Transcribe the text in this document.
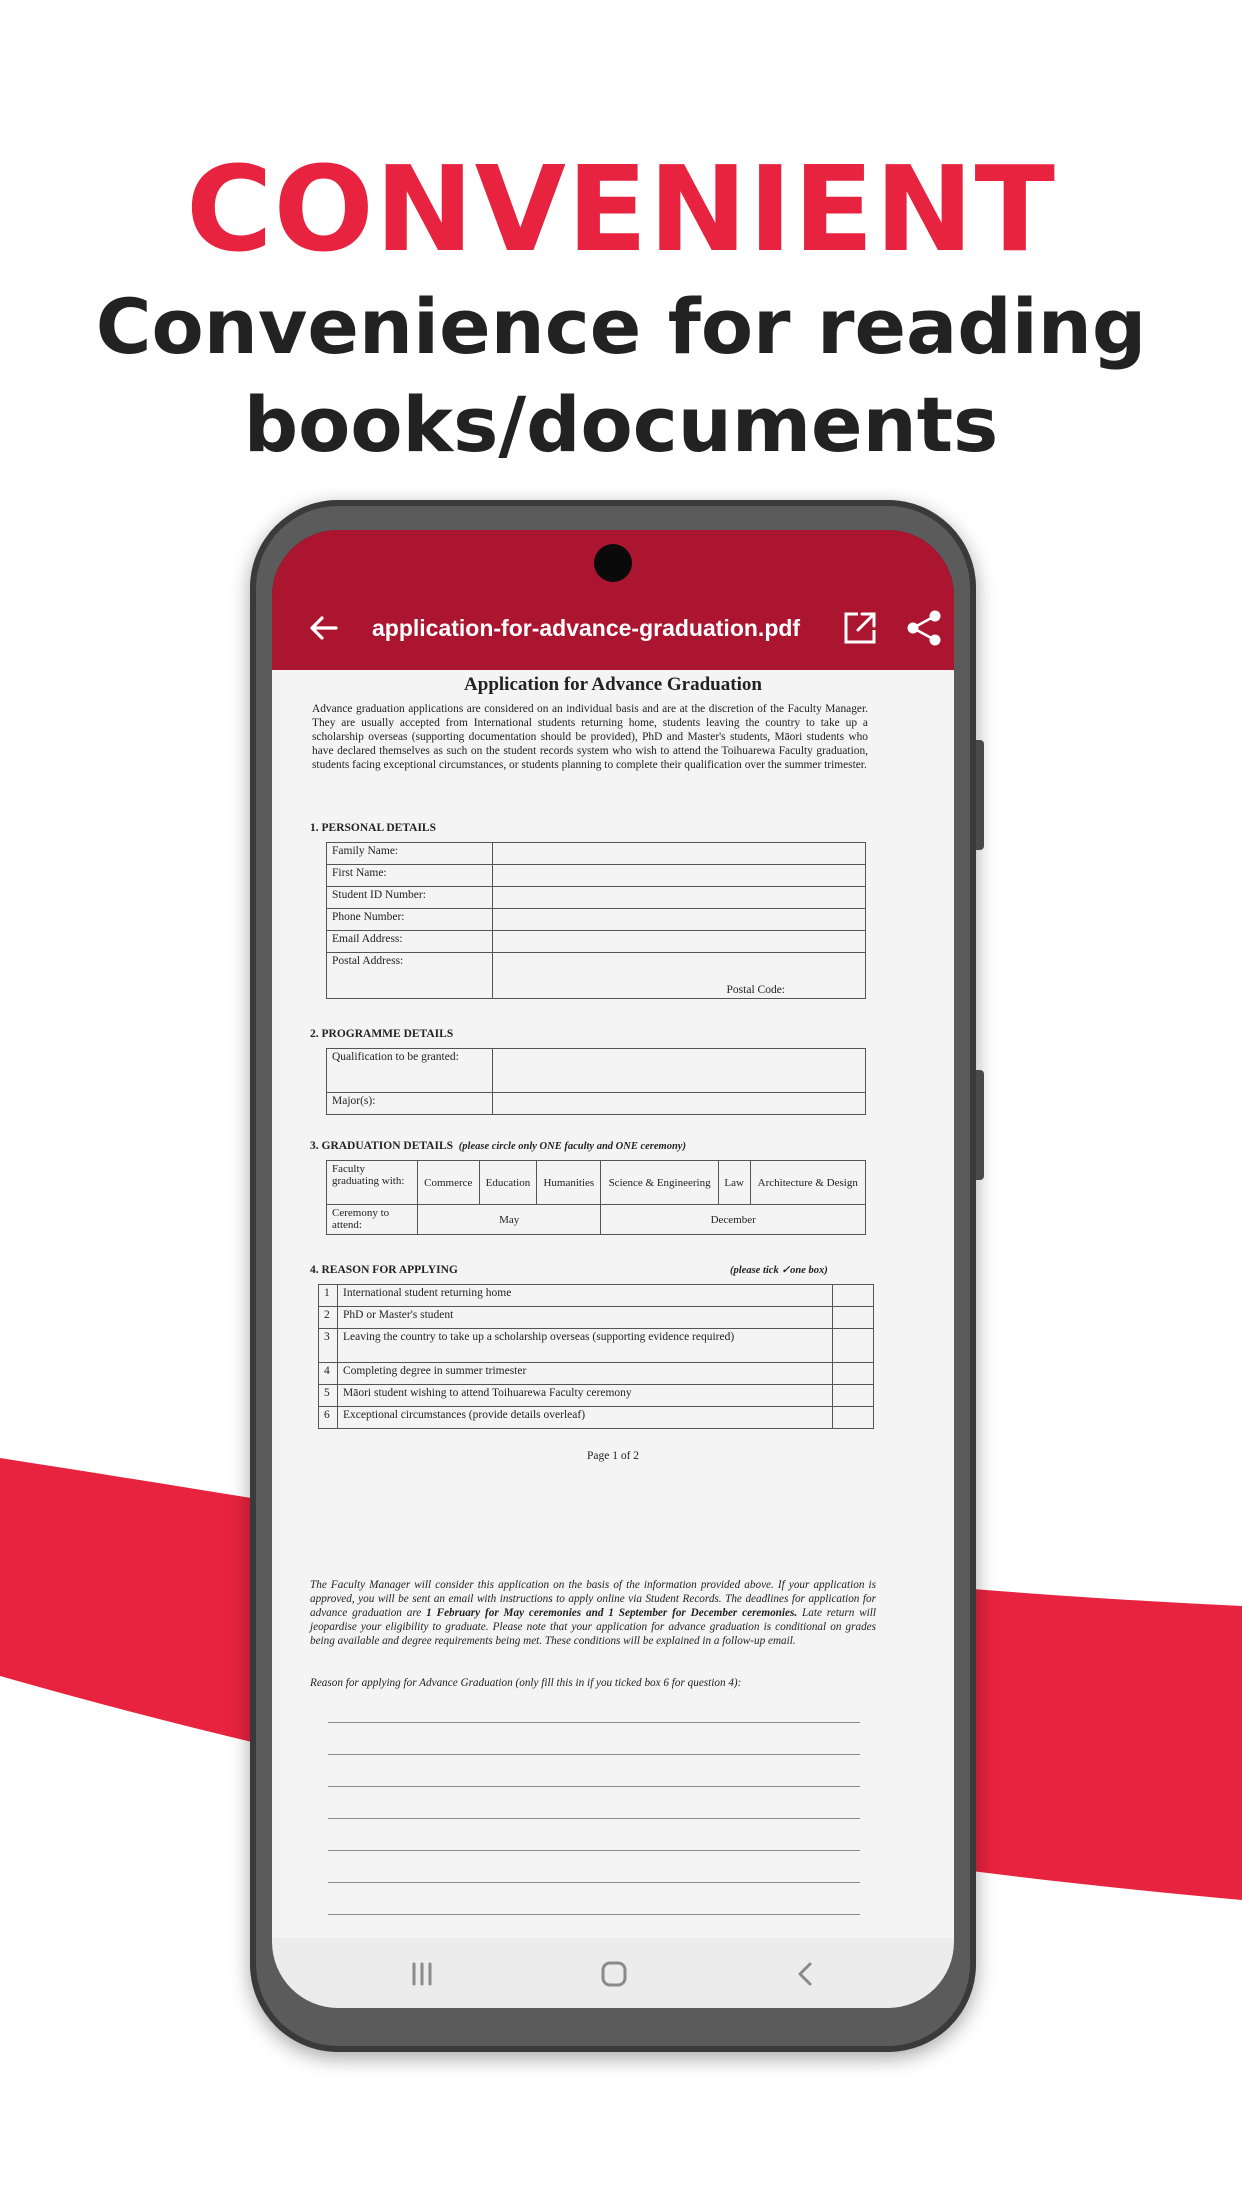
CONVENIENT
Convenience for reading
books/documents
application-for-advance-graduation.pdf
Application for Advance Graduation
Advance graduation applications are considered on an individual basis and are at the discretion of the Faculty Manager. They are usually accepted from International students returning home, students leaving the country to take up a scholarship overseas (supporting documentation should be provided), PhD and Master's students, Māori students who have declared themselves as such on the student records system who wish to attend the Toihuarewa Faculty graduation, students facing exceptional circumstances, or students planning to complete their qualification over the summer trimester.
1. PERSONAL DETAILS
Family Name:	
First Name:	
Student ID Number:	
Phone Number:	
Email Address:	
Postal Address:	Postal Code:
2. PROGRAMME DETAILS
Qualification to be granted:	
Major(s):	
3. GRADUATION DETAILS (please circle only ONE faculty and ONE ceremony)
Faculty graduating with:	Commerce	Education	Humanities	Science & Engineering	Law	Architecture & Design
Ceremony to attend:	May			December		
4. REASON FOR APPLYING	(please tick ✓one box)
1	International student returning home	
2	PhD or Master's student	
3	Leaving the country to take up a scholarship overseas (supporting evidence required)	
4	Completing degree in summer trimester	
5	Māori student wishing to attend Toihuarewa Faculty ceremony	
6	Exceptional circumstances (provide details overleaf)	
Page 1 of 2
The Faculty Manager will consider this application on the basis of the information provided above. If your application is approved, you will be sent an email with instructions to apply online via Student Records. The deadlines for application for advance graduation are 1 February for May ceremonies and 1 September for December ceremonies. Late return will jeopardise your eligibility to graduate. Please note that your application for advance graduation is conditional on grades being available and degree requirements being met. These conditions will be explained in a follow-up email.
Reason for applying for Advance Graduation (only fill this in if you ticked box 6 for question 4):
